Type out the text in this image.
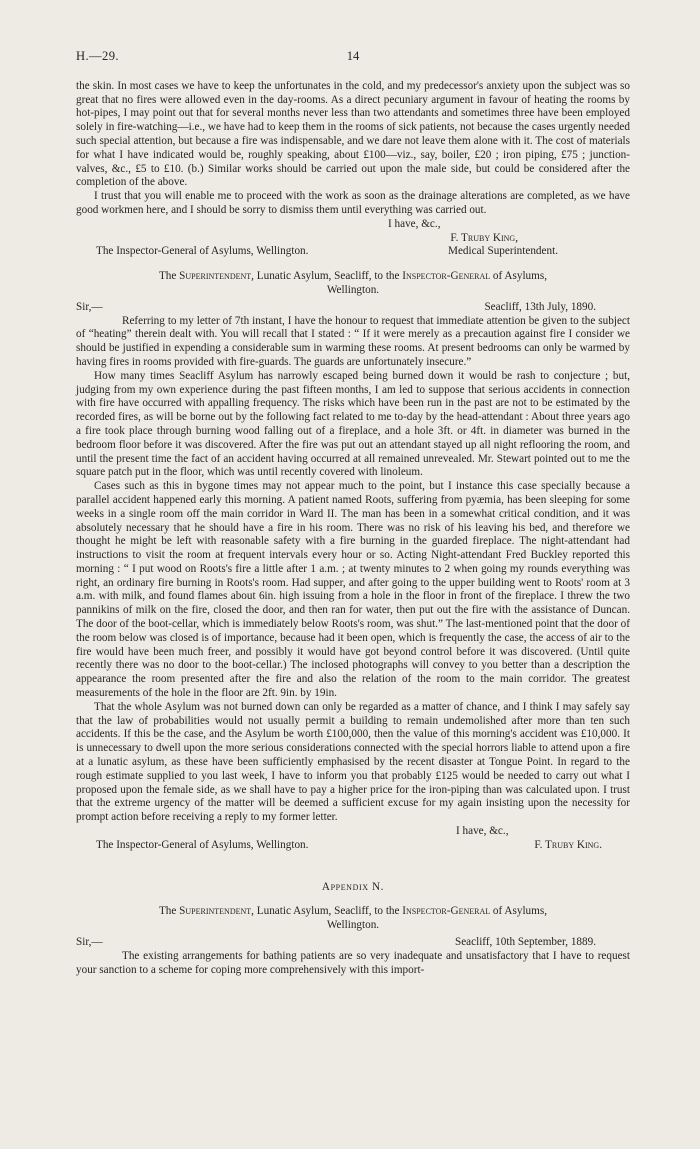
H.—29.	14

the skin. In most cases we have to keep the unfortunates in the cold, and my predecessor's anxiety upon the subject was so great that no fires were allowed even in the day-rooms. As a direct pecuniary argument in favour of heating the rooms by hot-pipes, I may point out that for several months never less than two attendants and sometimes three have been employed solely in fire-watching—i.e., we have had to keep them in the rooms of sick patients, not because the cases urgently needed such special attention, but because a fire was indispensable, and we dare not leave them alone with it. The cost of materials for what I have indicated would be, roughly speaking, about £100—viz., say, boiler, £20 ; iron piping, £75 ; junction-valves, &c., £5 to £10. (b.) Similar works should be carried out upon the male side, but could be considered after the completion of the above.

I trust that you will enable me to proceed with the work as soon as the drainage alterations are completed, as we have good workmen here, and I should be sorry to dismiss them until everything was carried out.

I have, &c.,
F. Truby King,
The Inspector-General of Asylums, Wellington.	Medical Superintendent.

The Superintendent, Lunatic Asylum, Seacliff, to the Inspector-General of Asylums,
Wellington.

Sir,—	Seacliff, 13th July, 1890.

Referring to my letter of 7th instant, I have the honour to request that immediate attention be given to the subject of “heating” therein dealt with. You will recall that I stated : “ If it were merely as a precaution against fire I consider we should be justified in expending a considerable sum in warming these rooms. At present bedrooms can only be warmed by having fires in rooms provided with fire-guards. The guards are unfortunately insecure.”

How many times Seacliff Asylum has narrowly escaped being burned down it would be rash to conjecture ; but, judging from my own experience during the past fifteen months, I am led to suppose that serious accidents in connection with fire have occurred with appalling frequency. The risks which have been run in the past are not to be estimated by the recorded fires, as will be borne out by the following fact related to me to-day by the head-attendant : About three years ago a fire took place through burning wood falling out of a fireplace, and a hole 3ft. or 4ft. in diameter was burned in the bedroom floor before it was discovered. After the fire was put out an attendant stayed up all night reflooring the room, and until the present time the fact of an accident having occurred at all remained unrevealed. Mr. Stewart pointed out to me the square patch put in the floor, which was until recently covered with linoleum.

Cases such as this in bygone times may not appear much to the point, but I instance this case specially because a parallel accident happened early this morning. A patient named Roots, suffering from pyæmia, has been sleeping for some weeks in a single room off the main corridor in Ward II. The man has been in a somewhat critical condition, and it was absolutely necessary that he should have a fire in his room. There was no risk of his leaving his bed, and therefore we thought he might be left with reasonable safety with a fire burning in the guarded fireplace. The night-attendant had instructions to visit the room at frequent intervals every hour or so. Acting Night-attendant Fred Buckley reported this morning : “ I put wood on Roots's fire a little after 1 a.m. ; at twenty minutes to 2 when going my rounds everything was right, an ordinary fire burning in Roots's room. Had supper, and after going to the upper building went to Roots' room at 3 a.m. with milk, and found flames about 6in. high issuing from a hole in the floor in front of the fireplace. I threw the two pannikins of milk on the fire, closed the door, and then ran for water, then put out the fire with the assistance of Duncan. The door of the boot-cellar, which is immediately below Roots's room, was shut.” The last-mentioned point that the door of the room below was closed is of importance, because had it been open, which is frequently the case, the access of air to the fire would have been much freer, and possibly it would have got beyond control before it was discovered. (Until quite recently there was no door to the boot-cellar.) The inclosed photographs will convey to you better than a description the appearance the room presented after the fire and also the relation of the room to the main corridor. The greatest measurements of the hole in the floor are 2ft. 9in. by 19in.

That the whole Asylum was not burned down can only be regarded as a matter of chance, and I think I may safely say that the law of probabilities would not usually permit a building to remain undemolished after more than ten such accidents. If this be the case, and the Asylum be worth £100,000, then the value of this morning's accident was £10,000. It is unnecessary to dwell upon the more serious considerations connected with the special horrors liable to attend upon a fire at a lunatic asylum, as these have been sufficiently emphasised by the recent disaster at Tongue Point. In regard to the rough estimate supplied to you last week, I have to inform you that probably £125 would be needed to carry out what I proposed upon the female side, as we shall have to pay a higher price for the iron-piping than was calculated upon. I trust that the extreme urgency of the matter will be deemed a sufficient excuse for my again insisting upon the necessity for prompt action before receiving a reply to my former letter.

I have, &c.,
The Inspector-General of Asylums, Wellington.	F. Truby King.

Appendix N.

The Superintendent, Lunatic Asylum, Seacliff, to the Inspector-General of Asylums,
Wellington.

Sir,—	Seacliff, 10th September, 1889.

The existing arrangements for bathing patients are so very inadequate and unsatisfactory that I have to request your sanction to a scheme for coping more comprehensively with this import-
